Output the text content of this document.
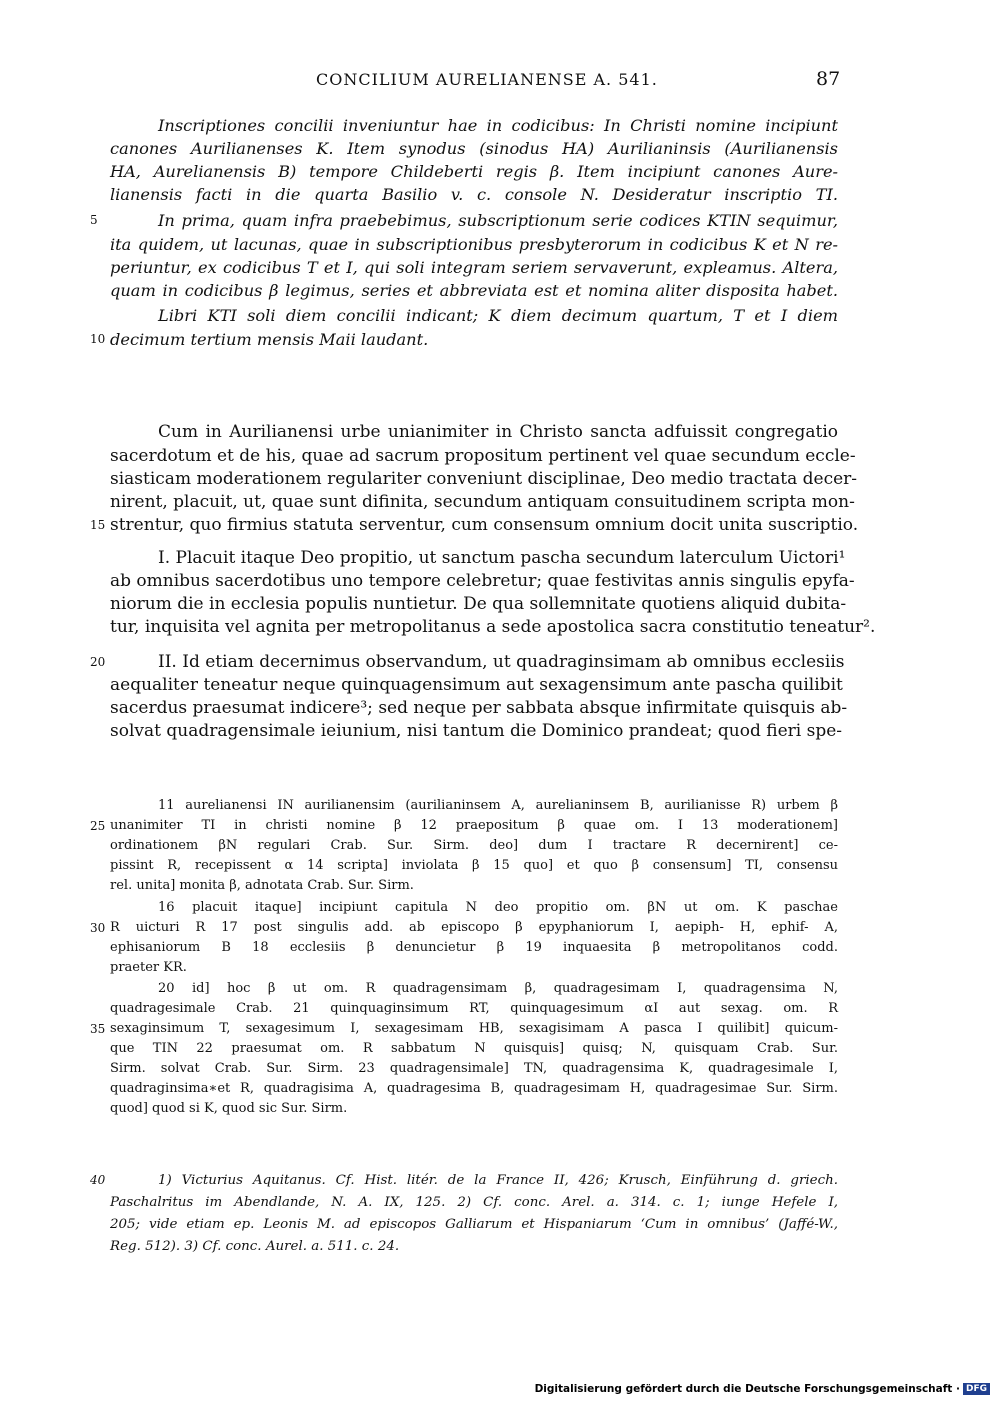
CONCILIUM AURELIANENSE A. 541.	87
Inscriptiones concilii inveniuntur hae in codicibus: In Christi nomine incipiunt
canones Aurilianenses K. Item synodus (sinodus HA) Aurilianinsis (Aurilianensis
HA, Aurelianensis B) tempore Childeberti regis β. Item incipiunt canones Aure-
lianensis facti in die quarta Basilio v. c. console N. Desideratur inscriptio TI.
5	In prima, quam infra praebebimus, subscriptionum serie codices KTIN sequimur,
ita quidem, ut lacunas, quae in subscriptionibus presbyterorum in codicibus K et N re-
periuntur, ex codicibus T et I, qui soli integram seriem servaverunt, expleamus. Altera,
quam in codicibus β legimus, series et abbreviata est et nomina aliter disposita habet.
Libri KTI soli diem concilii indicant; K diem decimum quartum, T et I diem
10 decimum tertium mensis Maii laudant.
Cum in Aurilianensi urbe unianimiter in Christo sancta adfuissit congregatio
sacerdotum et de his, quae ad sacrum propositum pertinent vel quae secundum eccle-
siasticam moderationem regulariter conveniunt disciplinae, Deo medio tractata decer-
nirent, placuit, ut, quae sunt difinita, secundum antiquam consuitudinem scripta mon-
15 strentur, quo firmius statuta serventur, cum consensum omnium docit unita suscriptio.
I. Placuit itaque Deo propitio, ut sanctum pascha secundum laterculum Uictori¹
ab omnibus sacerdotibus uno tempore celebretur; quae festivitas annis singulis epyfa-
niorum die in ecclesia populis nuntietur. De qua sollemnitate quotiens aliquid dubita-
tur, inquisita vel agnita per metropolitanus a sede apostolica sacra constitutio teneatur².
20	II. Id etiam decernimus observandum, ut quadraginsimam ab omnibus ecclesiis
aequaliter teneatur neque quinquagensimum aut sexagensimum ante pascha quilibit
sacerdus praesumat indicere³; sed neque per sabbata absque infirmitate quisquis ab-
solvat quadragensimale ieiunium, nisi tantum die Dominico prandeat; quod fieri spe-
11 aurelianensi IN aurilianensim (aurilianinsem A, aurelianinsem B, aurilianisse R) urbem β
25 unanimiter TI in christi nomine β 12 praepositum β quae om. I 13 moderationem]
ordinationem βN regulari Crab. Sur. Sirm. deo] dum I tractare R decernirent] ce-
pissint R, recepissent α 14 scripta] inviolata β 15 quo] et quo β consensum] TI, consensu
rel. unita] monita β, adnotata Crab. Sur. Sirm.
16 placuit itaque] incipiunt capitula N deo propitio om. βN ut om. K paschae
30 R uicturi R 17 post singulis add. ab episcopo β epyphaniorum I, aepiph- H, ephif- A,
ephisaniorum B 18 ecclesiis β denuncietur β 19 inquaesita β metropolitanos codd.
praeter KR.
20 id] hoc β ut om. R quadragensimam β, quadragesimam I, quadragensima N,
quadragesimale Crab. 21 quinquaginsimum RT, quinquagesimum αI aut sexag. om. R
35 sexaginsimum T, sexagesimum I, sexagesimam HB, sexagisimam A pasca I quilibit] quicum-
que TIN 22 praesumat om. R sabbatum N quisquis] quisq; N, quisquam Crab. Sur.
Sirm. solvat Crab. Sur. Sirm. 23 quadragensimale] TN, quadragensima K, quadragesimale I,
quadraginsima∗et R, quadragisima A, quadragesima B, quadragesimam H, quadragesimae Sur. Sirm.
quod] quod si K, quod sic Sur. Sirm.
40	1) Victurius Aquitanus. Cf. Hist. litér. de la France II, 426; Krusch, Einführung d. griech.
Paschalritus im Abendlande, N. A. IX, 125. 2) Cf. conc. Arel. a. 314. c. 1; iunge Hefele I,
205; vide etiam ep. Leonis M. ad episcopos Galliarum et Hispaniarum ‘Cum in omnibus’ (Jaffé-W.,
Reg. 512). 3) Cf. conc. Aurel. a. 511. c. 24.
Digitalisierung gefördert durch die Deutsche Forschungsgemeinschaft · DFG
